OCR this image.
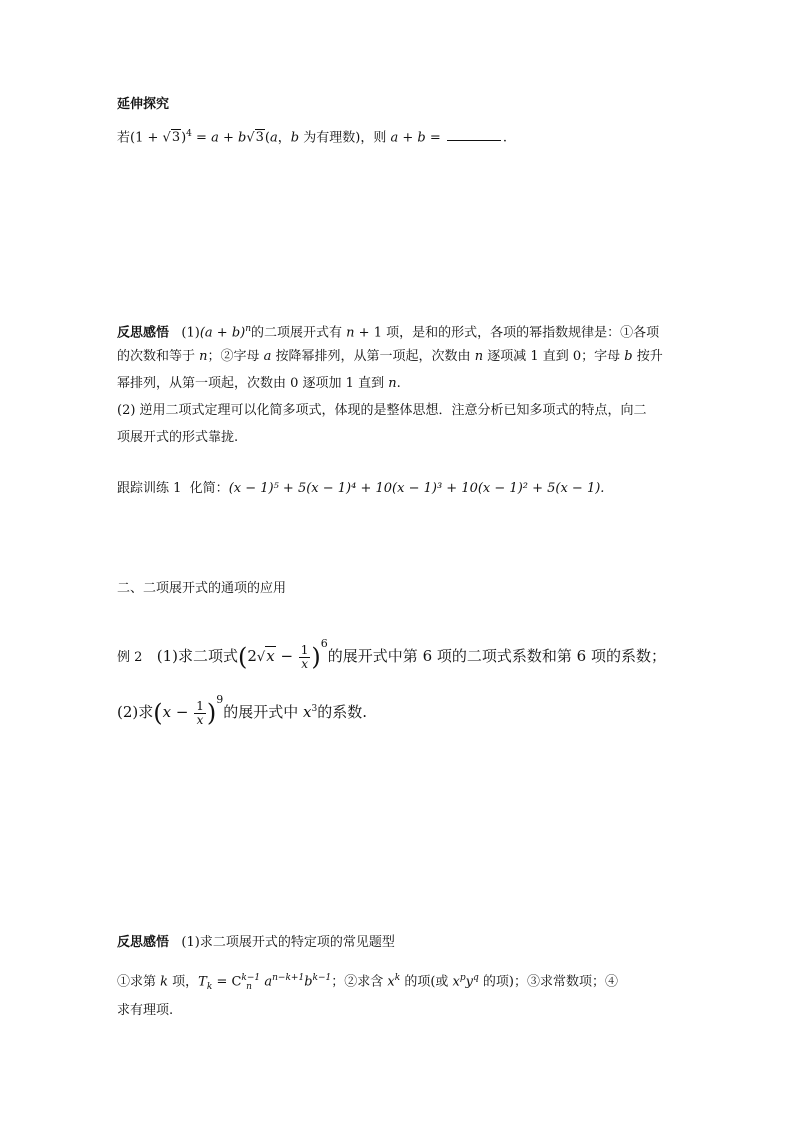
延伸探究
若$(1 + √3)^4 = a + b√3(a$，b 为有理数)，则 a + b =	.
反思感悟 $(1)(a + b)^n$的二项展开式有 n + 1 项，是和的形式，各项的幂指数规律是：①各项
的次数和等于 n；②字母 a 按降幂排列，从第一项起，次数由 n 逐项减 1 直到 0；字母 b 按升
幂排列，从第一项起，次数由 0 逐项加 1 直到 n.
(2) 逆用二项式定理可以化简多项式，体现的是整体思想．注意分析已知多项式的特点，向二
项展开式的形式靠拢.
跟踪训练 1 化简：(x − 1)⁵ + 5(x − 1)⁴ + 10(x − 1)³ + 10(x − 1)² + 5(x − 1).
二、二项展开式的通项的应用
例 2 (1)求二项式$(2√x - \frac{1}{x} )^6$的展开式中第 6 项的二项式系数和第 6 项的系数；
(2)求$(x - \frac{1}{x} )^9$的展开式中 $x^3$的系数.
反思感悟 (1)求二项展开式的特定项的常见题型
①求第 k 项，$T_k = C^{k-1}_n$ $a^{n-k+1}b^{k-1}$；②求含 $x^k$ 的项(或 $x^py^q$ 的项)；③求常数项；④
求有理项.
